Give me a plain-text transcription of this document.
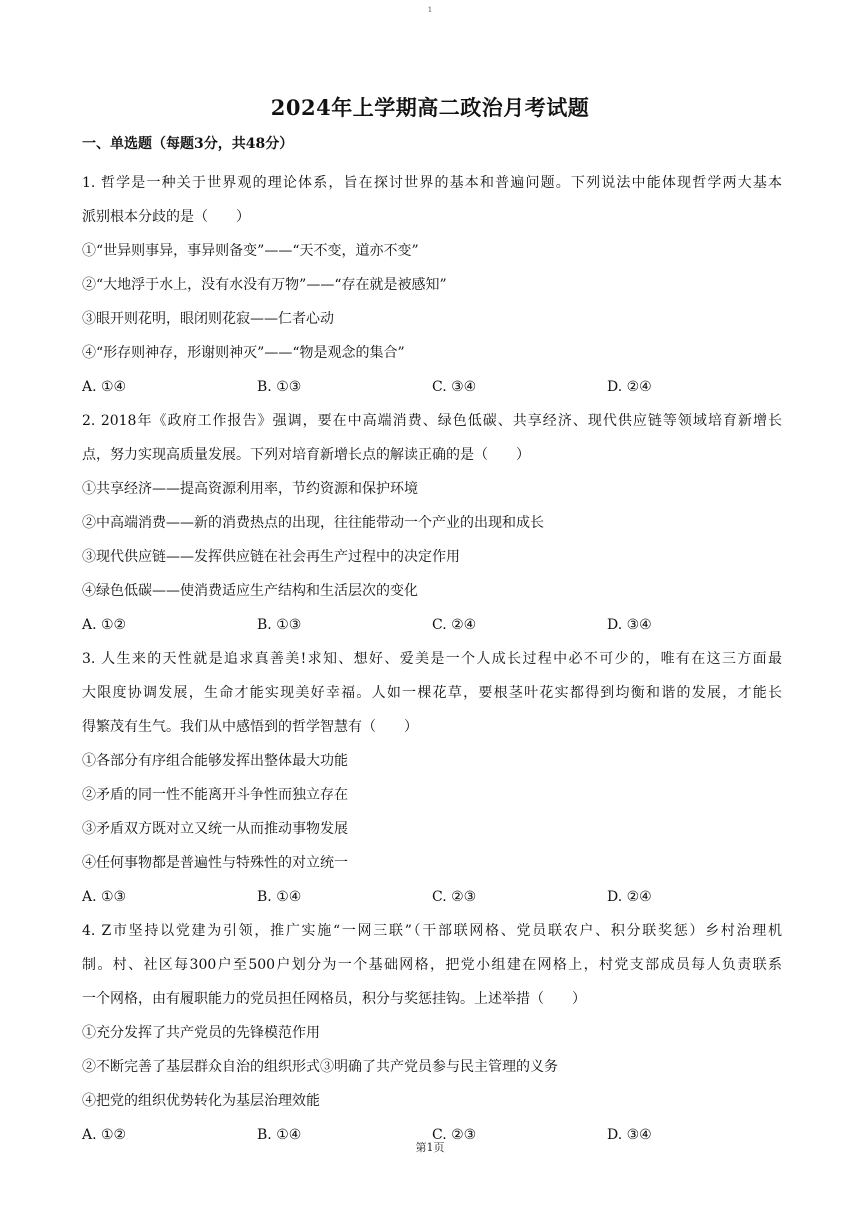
1
2024年上学期高二政治月考试题
一、单选题（每题3分，共48分）
1. 哲学是一种关于世界观的理论体系，旨在探讨世界的基本和普遍问题。下列说法中能体现哲学两大基本
派别根本分歧的是（　　）
①“世异则事异，事异则备变”——“天不变，道亦不变”
②“大地浮于水上，没有水没有万物”——“存在就是被感知”
③眼开则花明，眼闭则花寂——仁者心动
④“形存则神存，形谢则神灭”——“物是观念的集合”
A. ①④	B. ①③	C. ③④	D. ②④
2. 2018年《政府工作报告》强调，要在中高端消费、绿色低碳、共享经济、现代供应链等领域培育新增长
点，努力实现高质量发展。下列对培育新增长点的解读正确的是（　　）
①共享经济——提高资源利用率，节约资源和保护环境
②中高端消费——新的消费热点的出现，往往能带动一个产业的出现和成长
③现代供应链——发挥供应链在社会再生产过程中的决定作用
④绿色低碳——使消费适应生产结构和生活层次的变化
A. ①②	B. ①③	C. ②④	D. ③④
3. 人生来的天性就是追求真善美!求知、想好、爱美是一个人成长过程中必不可少的，唯有在这三方面最
大限度协调发展，生命才能实现美好幸福。人如一棵花草，要根茎叶花实都得到均衡和谐的发展，才能长
得繁茂有生气。我们从中感悟到的哲学智慧有（　　）
①各部分有序组合能够发挥出整体最大功能
②矛盾的同一性不能离开斗争性而独立存在
③矛盾双方既对立又统一从而推动事物发展
④任何事物都是普遍性与特殊性的对立统一
A. ①③	B. ①④	C. ②③	D. ②④
4. Z市坚持以党建为引领，推广实施“一网三联”（干部联网格、党员联农户、积分联奖惩）乡村治理机
制。村、社区每300户至500户划分为一个基础网格，把党小组建在网格上，村党支部成员每人负责联系
一个网格，由有履职能力的党员担任网格员，积分与奖惩挂钩。上述举措（　　）
①充分发挥了共产党员的先锋模范作用
②不断完善了基层群众自治的组织形式③明确了共产党员参与民主管理的义务
④把党的组织优势转化为基层治理效能
A. ①②	B. ①④	C. ②③	D. ③④
第1页
